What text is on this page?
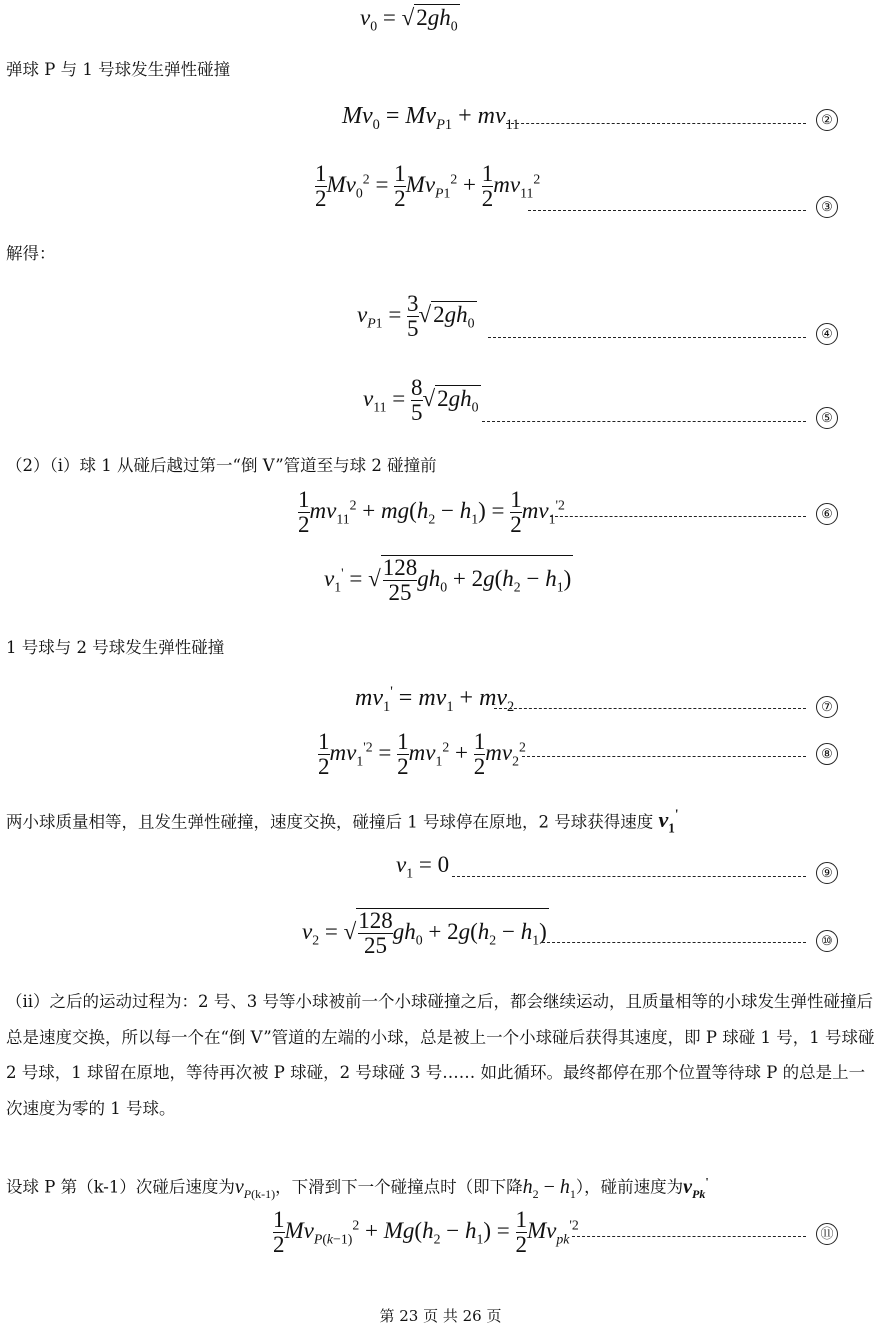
$v_0 = √2gh_0$
弹球 P 与 1 号球发生弹性碰撞
$Mv_0 = Mv_{P1} + mv_{11}$	②
$\frac{1}{2} Mv_0^2 = \frac{1}{2} Mv_{P1}^2 + \frac{1}{2} mv_{11}^2$
③
解得：
$v_{P1} = \frac{3}{5} √2gh_0$
④
$v_{11} = \frac{8}{5} √2gh_0$
⑤
（2）（i）球 1 从碰后越过第一“倒 V”管道至与球 2 碰撞前
$\frac{1}{2} mv_{11}^2 + mg(h_2 - h_1) = \frac{1}{2} mv_1^{'2}$
⑥
$v_1'$ = √ $\frac{128}{25} gh_0 + 2g(h_2 - h_1)$
1 号球与 2 号球发生弹性碰撞
$mv_1' = mv_1 + mv_2$	⑦
$\frac{1}{2} mv_1^{'2} = \frac{1}{2} mv_1^2 + \frac{1}{2} mv_2^2$	⑧
两小球质量相等，且发生弹性碰撞，速度交换，碰撞后 1 号球停在原地，2 号球获得速度 $v_1'$
$v_1 = 0$	⑨
$v_2$ = √ $\frac{128}{25} gh_0 + 2g(h_2 - h_1)$	⑩
（ii）之后的运动过程为：2 号、3 号等小球被前一个小球碰撞之后，都会继续运动，且质量相等的小球发生弹性碰撞后总是速度交换，所以每一个在“倒 V”管道的左端的小球，总是被上一个小球碰后获得其速度，即 P 球碰 1 号，1 号球碰 2 号球，1 球留在原地，等待再次被 P 球碰，2 号球碰 3 号…… 如此循环。最终都停在那个位置等待球 P 的总是上一次速度为零的 1 号球。
设球 P 第（k-1）次碰后速度为$v_{P(k-1)}$，下滑到下一个碰撞点时（即下降$h_2 - h_1$），碰前速度为$v_{Pk}'$
$\frac{1}{2} Mv_{P(k-1)}^2 + Mg(h_2 - h_1) = \frac{1}{2} Mv_{pk}^{'2}$
⑪
第 23 页 共 26 页
